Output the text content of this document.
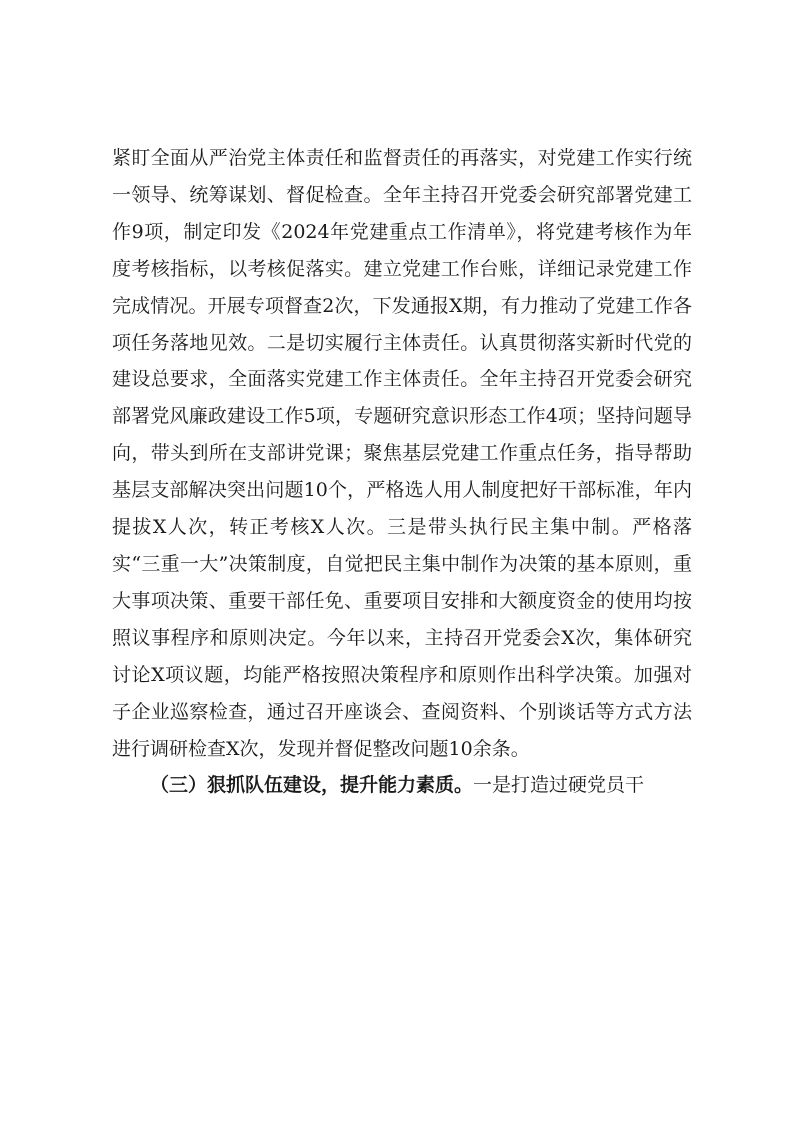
紧盯全面从严治党主体责任和监督责任的再落实，对党建工作实行统一领导、统筹谋划、督促检查。全年主持召开党委会研究部署党建工作9项，制定印发《2024年党建重点工作清单》，将党建考核作为年度考核指标，以考核促落实。建立党建工作台账，详细记录党建工作完成情况。开展专项督查2次，下发通报X期，有力推动了党建工作各项任务落地见效。二是切实履行主体责任。认真贯彻落实新时代党的建设总要求，全面落实党建工作主体责任。全年主持召开党委会研究部署党风廉政建设工作5项，专题研究意识形态工作4项；坚持问题导向，带头到所在支部讲党课；聚焦基层党建工作重点任务，指导帮助基层支部解决突出问题10个，严格选人用人制度把好干部标准，年内提拔X人次，转正考核X人次。三是带头执行民主集中制。严格落实“三重一大”决策制度，自觉把民主集中制作为决策的基本原则，重大事项决策、重要干部任免、重要项目安排和大额度资金的使用均按照议事程序和原则决定。今年以来，主持召开党委会X次，集体研究讨论X项议题，均能严格按照决策程序和原则作出科学决策。加强对子企业巡察检查，通过召开座谈会、查阅资料、个别谈话等方式方法进行调研检查X次，发现并督促整改问题10余条。

（三）狠抓队伍建设，提升能力素质。一是打造过硬党员干
